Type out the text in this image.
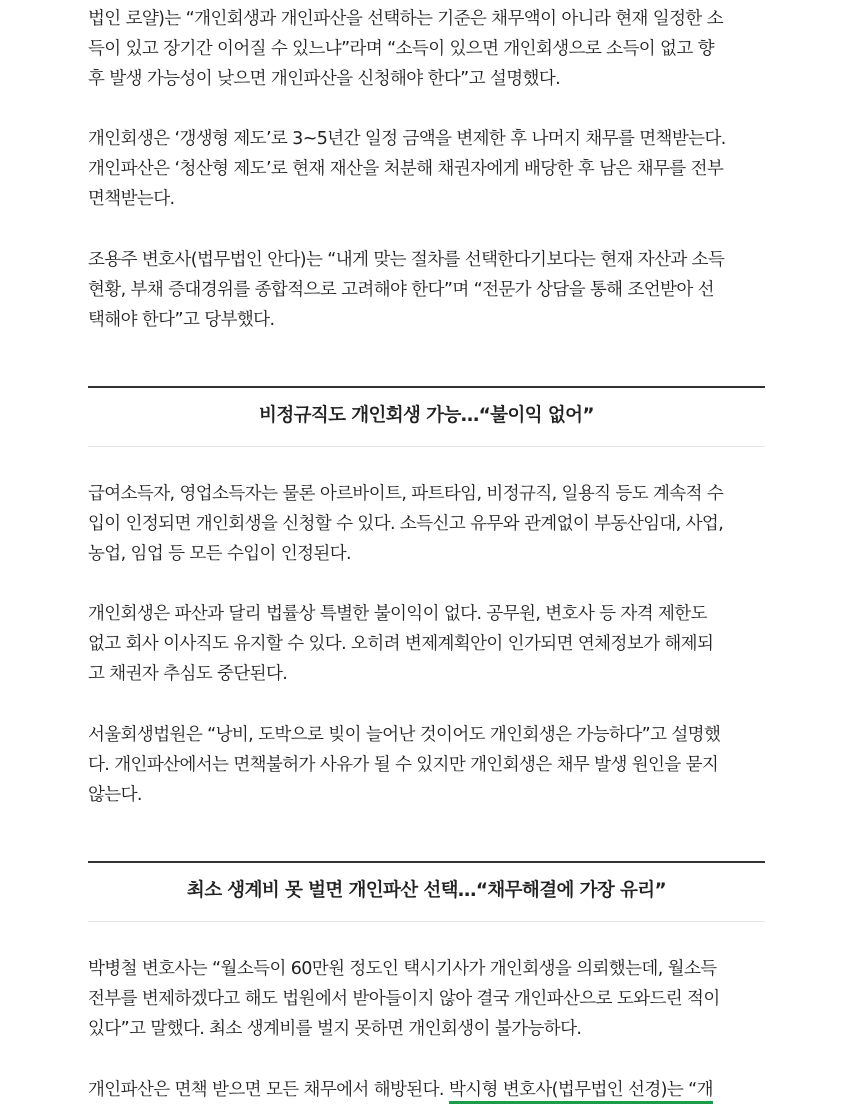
법인 로얄)는 “개인회생과 개인파산을 선택하는 기준은 채무액이 아니라 현재 일정한 소
득이 있고 장기간 이어질 수 있느냐”라며 “소득이 있으면 개인회생으로 소득이 없고 향
후 발생 가능성이 낮으면 개인파산을 신청해야 한다”고 설명했다.

개인회생은 ‘갱생형 제도’로 3~5년간 일정 금액을 변제한 후 나머지 채무를 면책받는다.
개인파산은 ‘청산형 제도’로 현재 재산을 처분해 채권자에게 배당한 후 남은 채무를 전부
면책받는다.

조용주 변호사(법무법인 안다)는 “내게 맞는 절차를 선택한다기보다는 현재 자산과 소득
현황, 부채 증대경위를 종합적으로 고려해야 한다”며 “전문가 상담을 통해 조언받아 선
택해야 한다”고 당부했다.

비정규직도 개인회생 가능…“불이익 없어”

급여소득자, 영업소득자는 물론 아르바이트, 파트타임, 비정규직, 일용직 등도 계속적 수
입이 인정되면 개인회생을 신청할 수 있다. 소득신고 유무와 관계없이 부동산임대, 사업,
농업, 임업 등 모든 수입이 인정된다.

개인회생은 파산과 달리 법률상 특별한 불이익이 없다. 공무원, 변호사 등 자격 제한도
없고 회사 이사직도 유지할 수 있다. 오히려 변제계획안이 인가되면 연체정보가 해제되
고 채권자 추심도 중단된다.

서울회생법원은 “낭비, 도박으로 빚이 늘어난 것이어도 개인회생은 가능하다”고 설명했
다. 개인파산에서는 면책불허가 사유가 될 수 있지만 개인회생은 채무 발생 원인을 묻지
않는다.

최소 생계비 못 벌면 개인파산 선택…“채무해결에 가장 유리”

박병철 변호사는 “월소득이 60만원 정도인 택시기사가 개인회생을 의뢰했는데, 월소득
전부를 변제하겠다고 해도 법원에서 받아들이지 않아 결국 개인파산으로 도와드린 적이
있다”고 말했다. 최소 생계비를 벌지 못하면 개인회생이 불가능하다.

개인파산은 면책 받으면 모든 채무에서 해방된다. 박시형 변호사(법무법인 선경)는 “개
